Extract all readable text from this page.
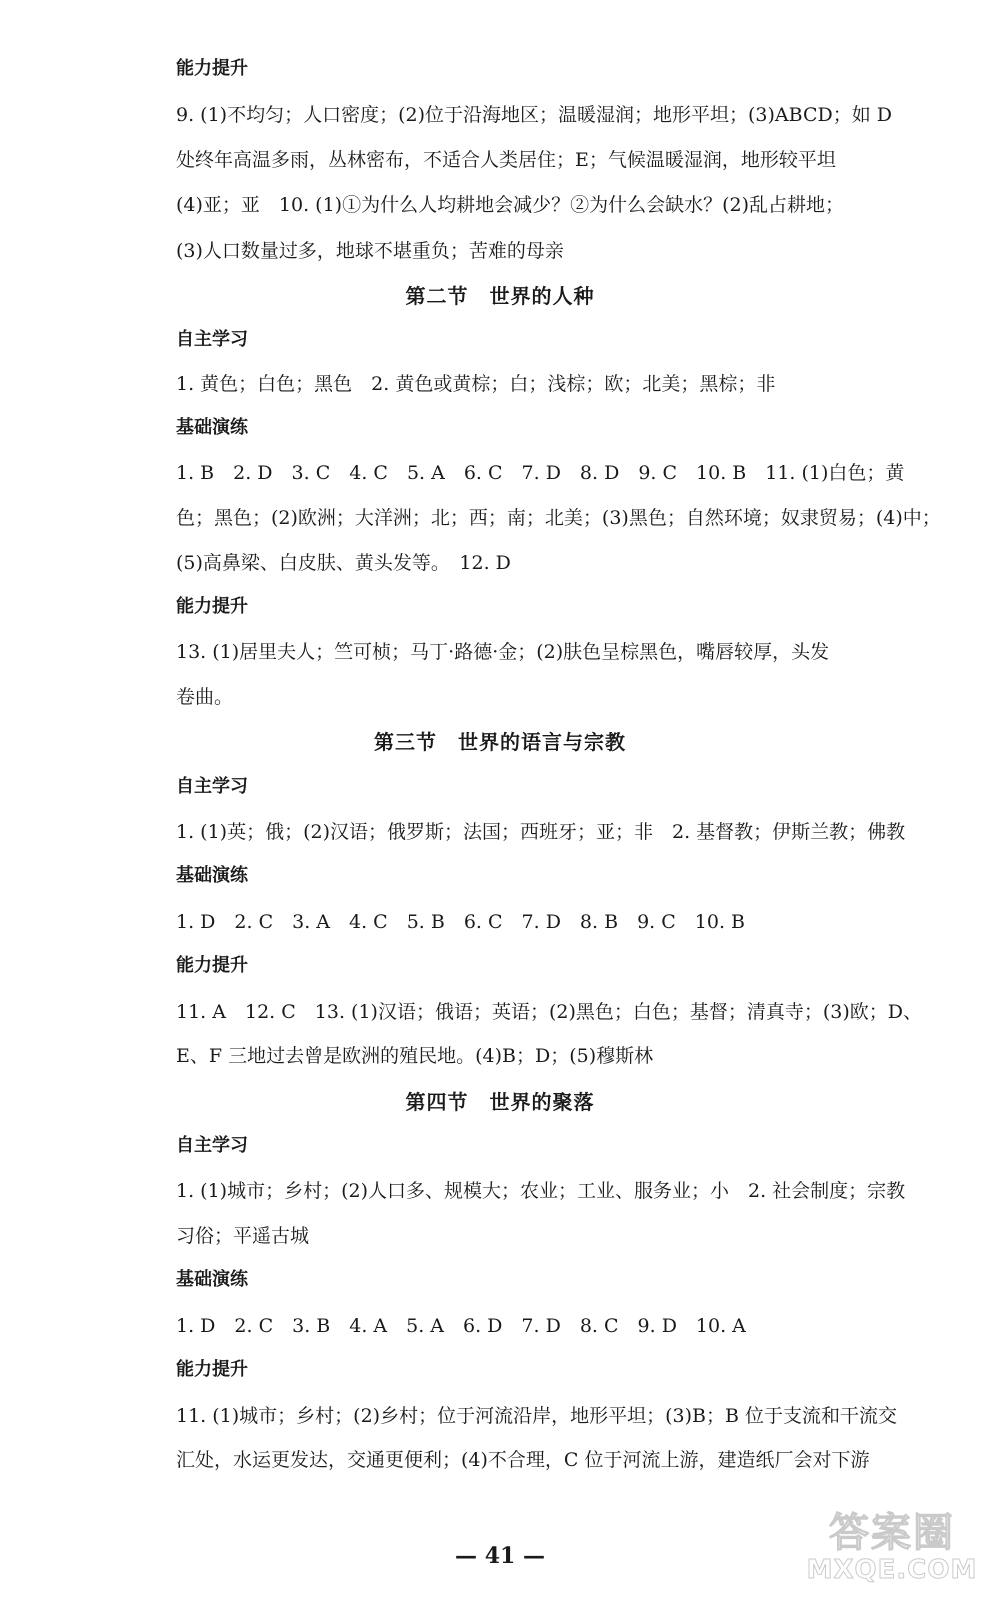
能力提升
9. (1)不均匀；人口密度；(2)位于沿海地区；温暖湿润；地形平坦；(3)ABCD；如 D
处终年高温多雨，丛林密布，不适合人类居住；E；气候温暖湿润，地形较平坦
(4)亚；亚　10. (1)①为什么人均耕地会减少？②为什么会缺水？(2)乱占耕地；
(3)人口数量过多，地球不堪重负；苦难的母亲
第二节　世界的人种
自主学习
1. 黄色；白色；黑色　2. 黄色或黄棕；白；浅棕；欧；北美；黑棕；非
基础演练
1. B　2. D　3. C　4. C　5. A　6. C　7. D　8. D　9. C　10. B　11. (1)白色；黄
色；黑色；(2)欧洲；大洋洲；北；西；南；北美；(3)黑色；自然环境；奴隶贸易；(4)中；
(5)高鼻梁、白皮肤、黄头发等。　12. D
能力提升
13. (1)居里夫人；竺可桢；马丁·路德·金；(2)肤色呈棕黑色，嘴唇较厚，头发
卷曲。
第三节　世界的语言与宗教
自主学习
1. (1)英；俄；(2)汉语；俄罗斯；法国；西班牙；亚；非　2. 基督教；伊斯兰教；佛教
基础演练
1. D　2. C　3. A　4. C　5. B　6. C　7. D　8. B　9. C　10. B
能力提升
11. A　12. C　13. (1)汉语；俄语；英语；(2)黑色；白色；基督；清真寺；(3)欧；D、
E、F 三地过去曾是欧洲的殖民地。(4)B；D；(5)穆斯林
第四节　世界的聚落
自主学习
1. (1)城市；乡村；(2)人口多、规模大；农业；工业、服务业；小　2. 社会制度；宗教
习俗；平遥古城
基础演练
1. D　2. C　3. B　4. A　5. A　6. D　7. D　8. C　9. D　10. A
能力提升
11. (1)城市；乡村；(2)乡村；位于河流沿岸，地形平坦；(3)B；B 位于支流和干流交
汇处，水运更发达，交通更便利；(4)不合理，C 位于河流上游，建造纸厂会对下游
— 41 —	答案圈
MXQE.COM
